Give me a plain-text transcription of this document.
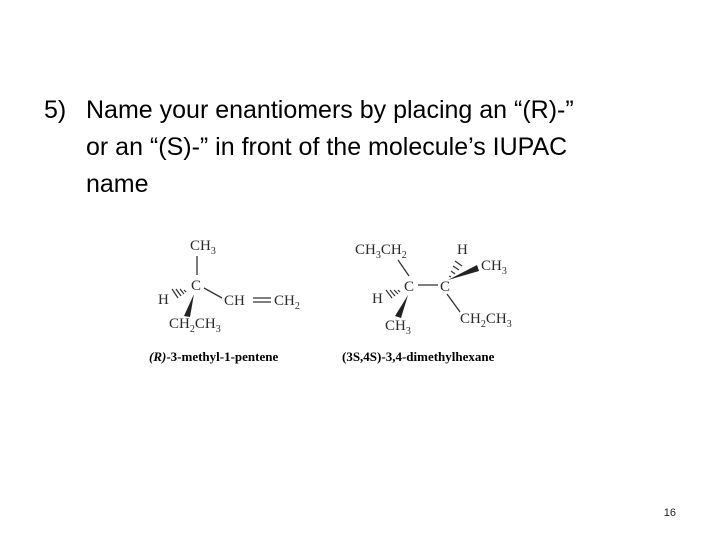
5) Name your enantiomers by placing an “(R)-”
or an “(S)-” in front of the molecule’s IUPAC
name
$CH_3$
C
H	CH $CH_2$
$CH_2CH_3$
(R)-3-methyl-1-pentene
$CH_3CH_2$	H
$CH_3$
C C
H
$CH_3$
$CH_2CH_3$
(3S,4S)-3,4-dimethylhexane
16
